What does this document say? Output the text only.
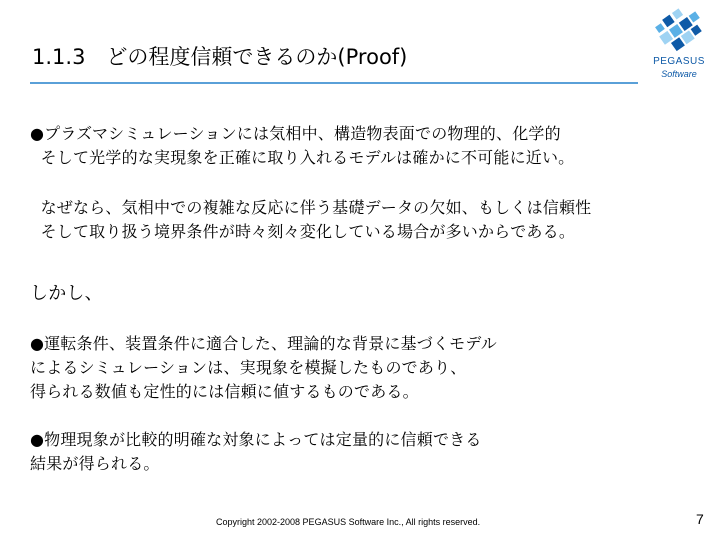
1.1.3　どの程度信頼できるのか(Proof)	PEGASUS
Software
●プラズマシミュレーションには気相中、構造物表面での物理的、化学的
そして光学的な実現象を正確に取り入れるモデルは確かに不可能に近い。
なぜなら、気相中での複雑な反応に伴う基礎データの欠如、もしくは信頼性
そして取り扱う境界条件が時々刻々変化している場合が多いからである。
しかし、
●運転条件、装置条件に適合した、理論的な背景に基づくモデル
によるシミュレーションは、実現象を模擬したものであり、
得られる数値も定性的には信頼に値するものである。
●物理現象が比較的明確な対象によっては定量的に信頼できる
結果が得られる。
Copyright 2002-2008 PEGASUS Software Inc., All rights reserved.	7
